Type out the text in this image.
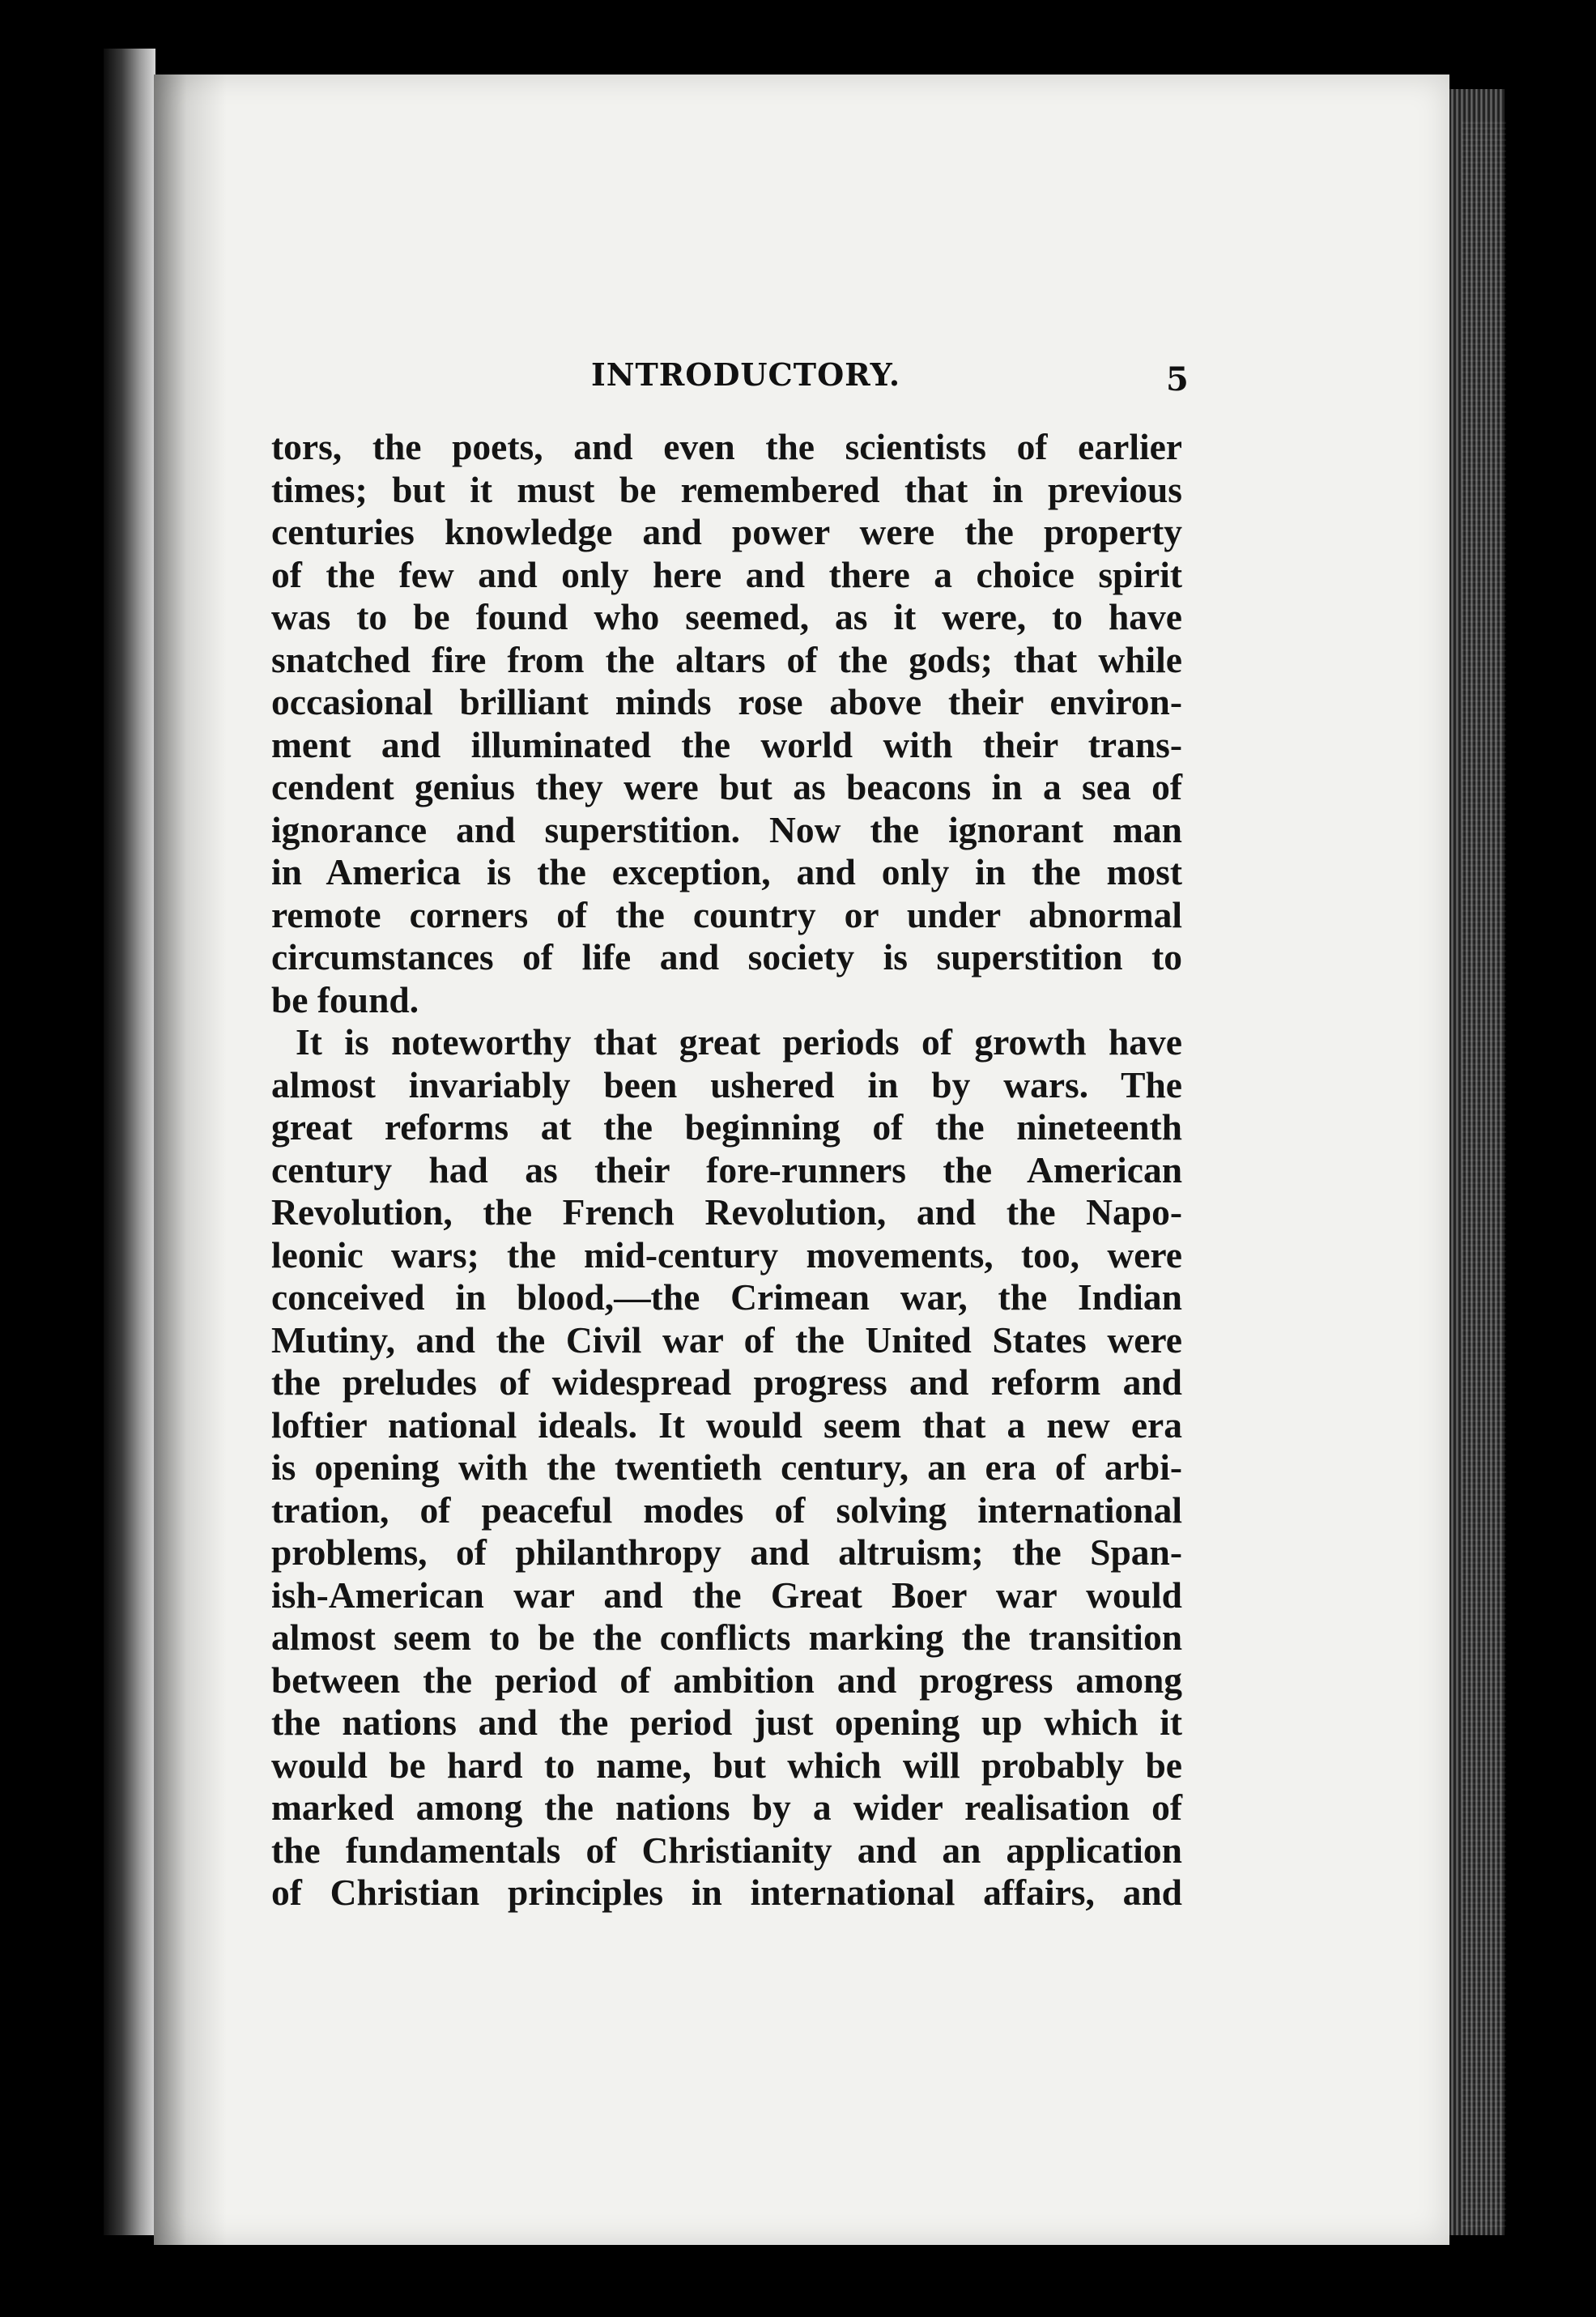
INTRODUCTORY.	5
tors, the poets, and even the scientists of earlier
times; but it must be remembered that in previous
centuries knowledge and power were the property
of the few and only here and there a choice spirit
was to be found who seemed, as it were, to have
snatched fire from the altars of the gods; that while
occasional brilliant minds rose above their environ-
ment and illuminated the world with their trans-
cendent genius they were but as beacons in a sea of
ignorance and superstition. Now the ignorant man
in America is the exception, and only in the most
remote corners of the country or under abnormal
circumstances of life and society is superstition to
be found.
It is noteworthy that great periods of growth have
almost invariably been ushered in by wars. The
great reforms at the beginning of the nineteenth
century had as their fore-runners the American
Revolution, the French Revolution, and the Napo-
leonic wars; the mid-century movements, too, were
conceived in blood,—the Crimean war, the Indian
Mutiny, and the Civil war of the United States were
the preludes of widespread progress and reform and
loftier national ideals. It would seem that a new era
is opening with the twentieth century, an era of arbi-
tration, of peaceful modes of solving international
problems, of philanthropy and altruism; the Span-
ish-American war and the Great Boer war would
almost seem to be the conflicts marking the transition
between the period of ambition and progress among
the nations and the period just opening up which it
would be hard to name, but which will probably be
marked among the nations by a wider realisation of
the fundamentals of Christianity and an application
of Christian principles in international affairs, and
